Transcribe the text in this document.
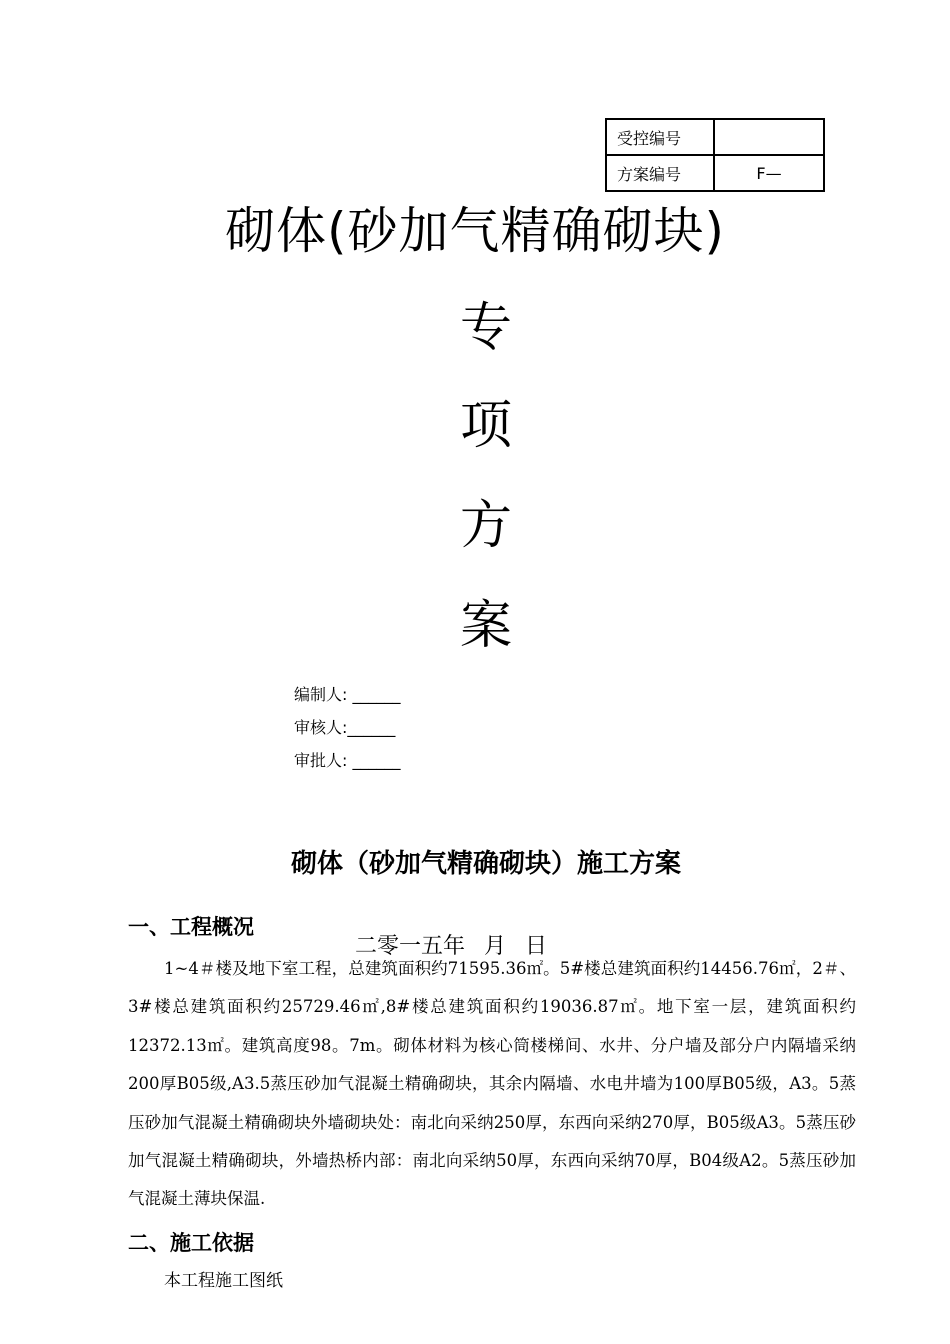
受控编号	
方案编号	F—
砌体(砂加气精确砌块)
专
项
方
案
编制人: ______
审核人:______
审批人: ______
砌体（砂加气精确砌块）施工方案
一、工程概况
1~4＃楼及地下室工程，总建筑面积约71595.36㎡。5#楼总建筑面积约14456.76㎡，2＃、3#楼总建筑面积约25729.46㎡,8#楼总建筑面积约19036.87㎡。地下室一层，建筑面积约12372.13㎡。建筑高度98。7m。砌体材料为核心筒楼梯间、水井、分户墙及部分户内隔墙采纳200厚B05级,A3.5蒸压砂加气混凝土精确砌块，其余内隔墙、水电井墙为100厚B05级，A3。5蒸压砂加气混凝土精确砌块外墙砌块处：南北向采纳250厚，东西向采纳270厚，B05级A3。5蒸压砂加气混凝土精确砌块，外墙热桥内部：南北向采纳50厚，东西向采纳70厚，B04级A2。5蒸压砂加气混凝土薄块保温.
二零一五年 月 日
二、施工依据
本工程施工图纸
